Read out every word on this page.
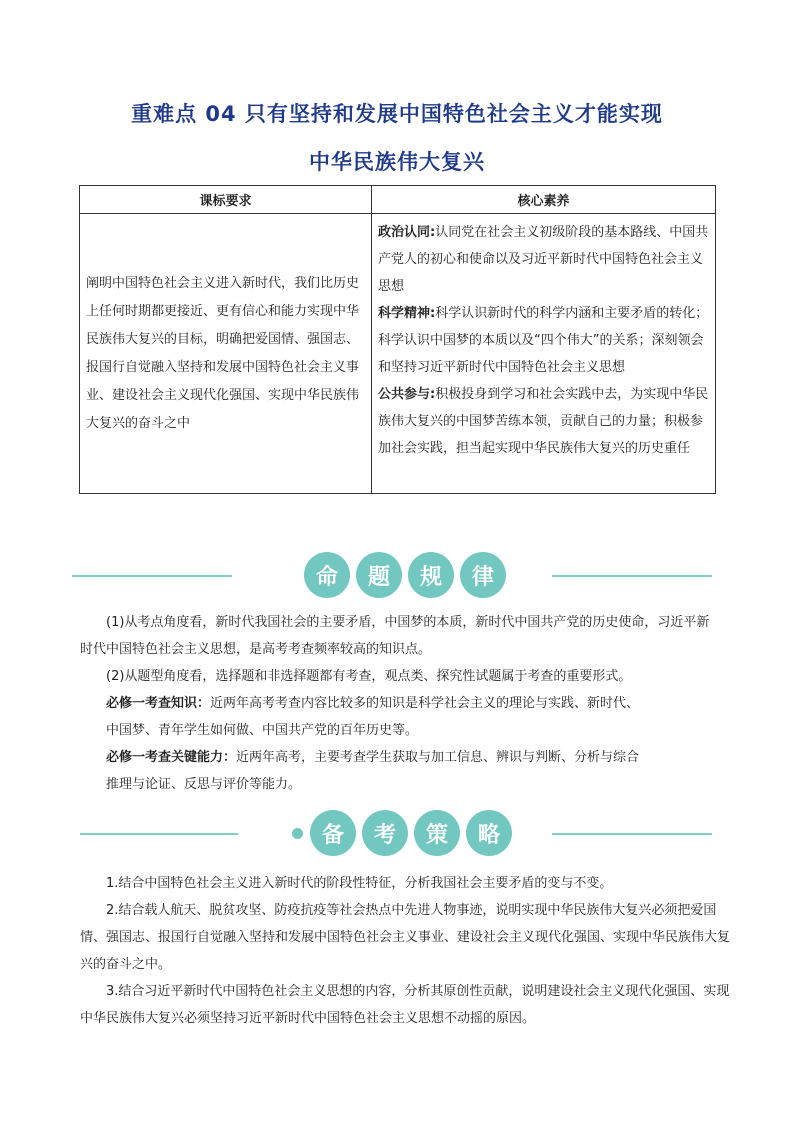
重难点 04 只有坚持和发展中国特色社会主义才能实现
中华民族伟大复兴
课标要求	核心素养
阐明中国特色社会主义进入新时代，我们比历史上任何时期都更接近、更有信心和能力实现中华民族伟大复兴的目标，明确把爱国情、强国志、报国行自觉融入坚持和发展中国特色社会主义事业、建设社会主义现代化强国、实现中华民族伟大复兴的奋斗之中	政治认同:认同党在社会主义初级阶段的基本路线、中国共产党人的初心和使命以及习近平新时代中国特色社会主义思想
科学精神:科学认识新时代的科学内涵和主要矛盾的转化；科学认识中国梦的本质以及“四个伟大”的关系；深刻领会和坚持习近平新时代中国特色社会主义思想
公共参与:积极投身到学习和社会实践中去，为实现中华民族伟大复兴的中国梦苦练本领，贡献自己的力量；积极参加社会实践，担当起实现中华民族伟大复兴的历史重任
命	题	规	律

(1)从考点角度看，新时代我国社会的主要矛盾，中国梦的本质，新时代中国共产党的历史使命，习近平新时代中国特色社会主义思想，是高考考查频率较高的知识点。

(2)从题型角度看，选择题和非选择题都有考查，观点类、探究性试题属于考查的重要形式。

必修一考查知识：近两年高考考查内容比较多的知识是科学社会主义的理论与实践、新时代、

中国梦、青年学生如何做、中国共产党的百年历史等。

必修一考查关键能力：近两年高考，主要考查学生获取与加工信息、辨识与判断、分析与综合

推理与论证、反思与评价等能力。

备	考	策	略

1.结合中国特色社会主义进入新时代的阶段性特征，分析我国社会主要矛盾的变与不变。

2.结合载人航天、脱贫攻坚、防疫抗疫等社会热点中先进人物事迹，说明实现中华民族伟大复兴必须把爱国情、强国志、报国行自觉融入坚持和发展中国特色社会主义事业、建设社会主义现代化强国、实现中华民族伟大复兴的奋斗之中。

3.结合习近平新时代中国特色社会主义思想的内容，分析其原创性贡献，说明建设社会主义现代化强国、实现中华民族伟大复兴必须坚持习近平新时代中国特色社会主义思想不动摇的原因。
